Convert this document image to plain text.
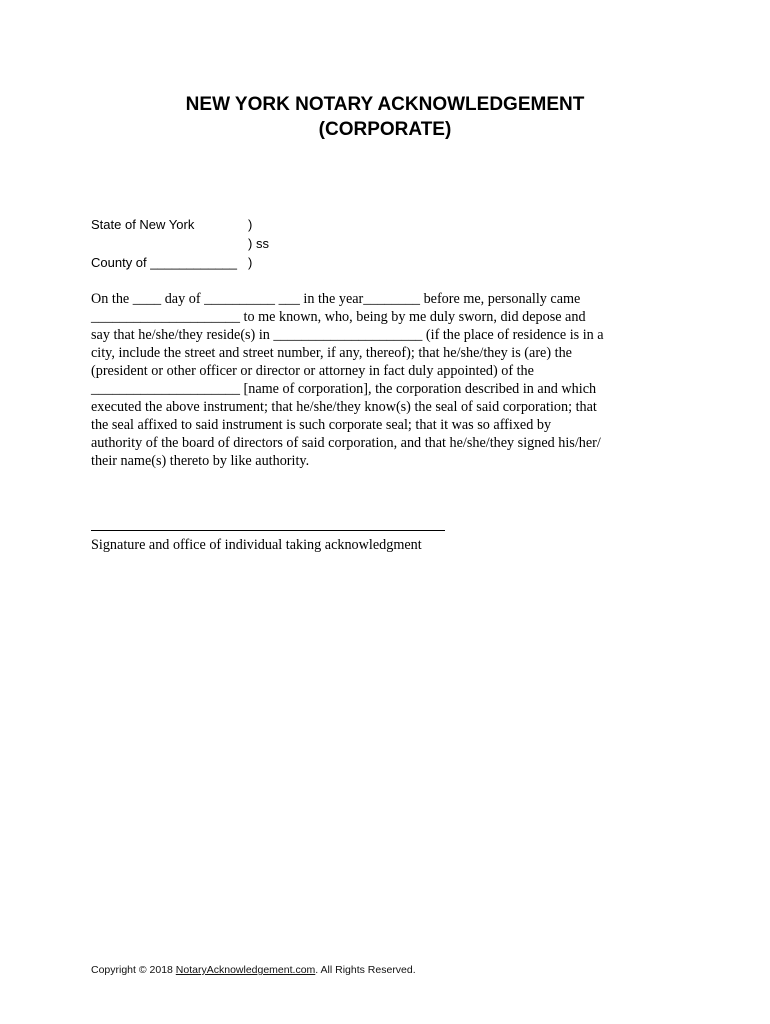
NEW YORK NOTARY ACKNOWLEDGEMENT
(CORPORATE)
State of New York	)
) ss
County of ____________ )
On the ____ day of __________ ___ in the year________ before me, personally came
_____________________ to me known, who, being by me duly sworn, did depose and
say that he/she/they reside(s) in _____________________ (if the place of residence is in a
city, include the street and street number, if any, thereof); that he/she/they is (are) the
(president or other officer or director or attorney in fact duly appointed) of the
_____________________ [name of corporation], the corporation described in and which
executed the above instrument; that he/she/they know(s) the seal of said corporation; that
the seal affixed to said instrument is such corporate seal; that it was so affixed by
authority of the board of directors of said corporation, and that he/she/they signed his/her/
their name(s) thereto by like authority.
Signature and office of individual taking acknowledgment
Copyright © 2018 NotaryAcknowledgement.com. All Rights Reserved.
